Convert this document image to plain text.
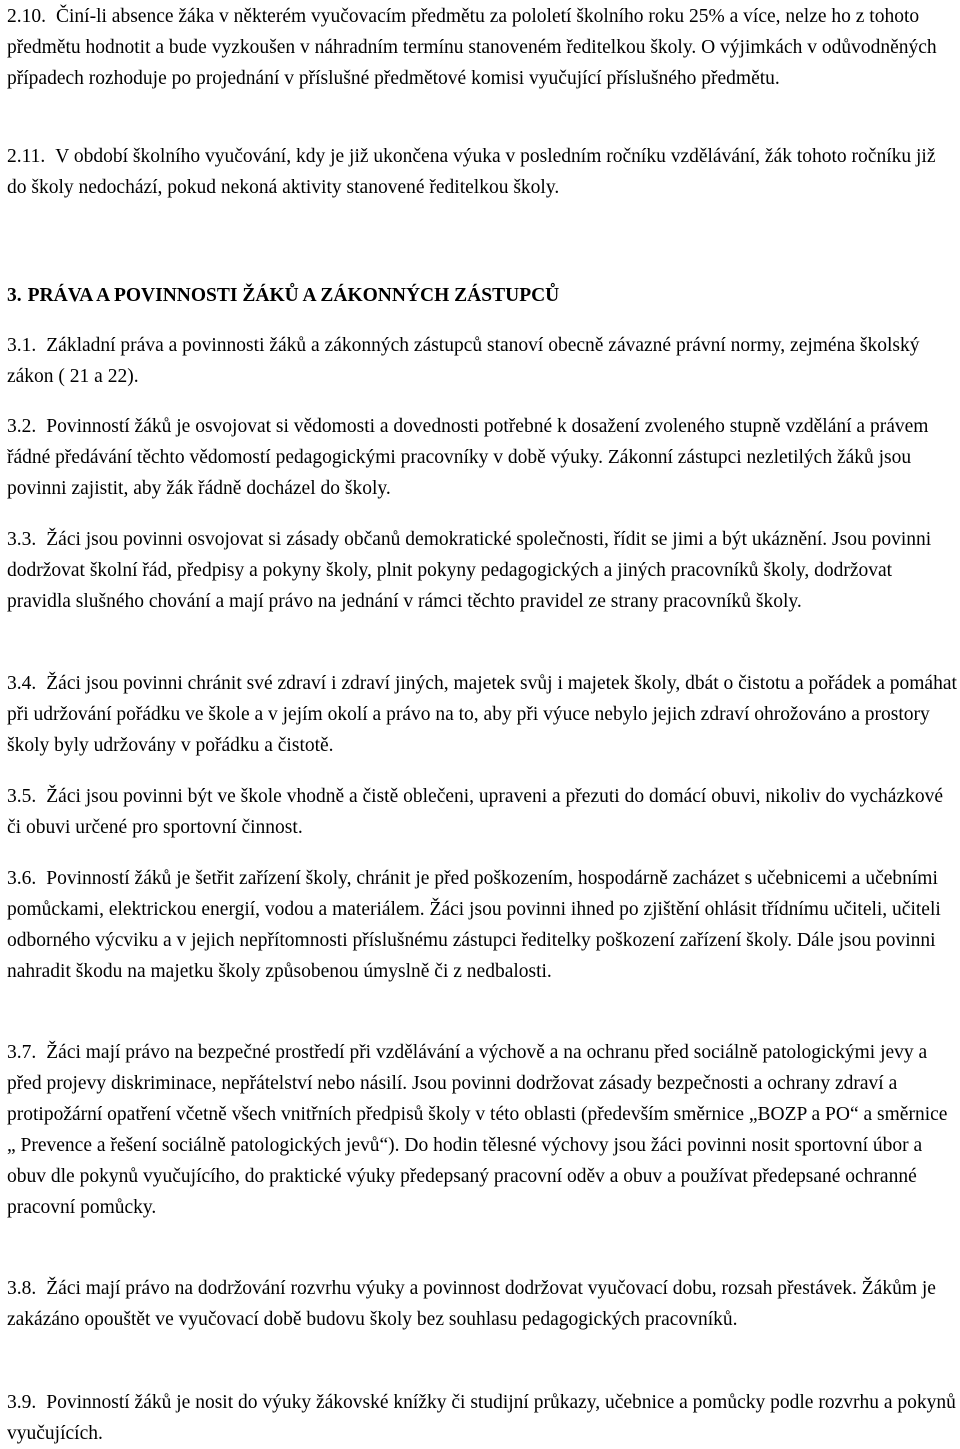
2.10. Činí-li absence žáka v některém vyučovacím předmětu za pololetí školního roku 25% a více, nelze ho z tohoto předmětu hodnotit a bude vyzkoušen v náhradním termínu stanoveném ředitelkou školy. O výjimkách v odůvodněných případech rozhoduje po projednání v příslušné předmětové komisi vyučující příslušného předmětu.

2.11. V období školního vyučování, kdy je již ukončena výuka v posledním ročníku vzdělávání, žák tohoto ročníku již do školy nedochází, pokud nekoná aktivity stanovené ředitelkou školy.

3. PRÁVA A POVINNOSTI ŽÁKŮ A ZÁKONNÝCH ZÁSTUPCŮ

3.1. Základní práva a povinnosti žáků a zákonných zástupců stanoví obecně závazné právní normy, zejména školský zákon ( 21 a 22).

3.2. Povinností žáků je osvojovat si vědomosti a dovednosti potřebné k dosažení zvoleného stupně vzdělání a právem řádné předávání těchto vědomostí pedagogickými pracovníky v době výuky. Zákonní zástupci nezletilých žáků jsou povinni zajistit, aby žák řádně docházel do školy.

3.3. Žáci jsou povinni osvojovat si zásady občanů demokratické společnosti, řídit se jimi a být ukáznění. Jsou povinni dodržovat školní řád, předpisy a pokyny školy, plnit pokyny pedagogických a jiných pracovníků školy, dodržovat pravidla slušného chování a mají právo na jednání v rámci těchto pravidel ze strany pracovníků školy.

3.4. Žáci jsou povinni chránit své zdraví i zdraví jiných, majetek svůj i majetek školy, dbát o čistotu a pořádek a pomáhat při udržování pořádku ve škole a v jejím okolí a právo na to, aby při výuce nebylo jejich zdraví ohrožováno a prostory školy byly udržovány v pořádku a čistotě.

3.5. Žáci jsou povinni být ve škole vhodně a čistě oblečeni, upraveni a přezuti do domácí obuvi, nikoliv do vycházkové či obuvi určené pro sportovní činnost.

3.6. Povinností žáků je šetřit zařízení školy, chránit je před poškozením, hospodárně zacházet s učebnicemi a učebními pomůckami, elektrickou energií, vodou a materiálem. Žáci jsou povinni ihned po zjištění ohlásit třídnímu učiteli, učiteli odborného výcviku a v jejich nepřítomnosti příslušnému zástupci ředitelky poškození zařízení školy. Dále jsou povinni nahradit škodu na majetku školy způsobenou úmyslně či z nedbalosti.

3.7. Žáci mají právo na bezpečné prostředí při vzdělávání a výchově a na ochranu před sociálně patologickými jevy a před projevy diskriminace, nepřátelství nebo násilí. Jsou povinni dodržovat zásady bezpečnosti a ochrany zdraví a protipožární opatření včetně všech vnitřních předpisů školy v této oblasti (především směrnice „BOZP a PO“ a směrnice „ Prevence a řešení sociálně patologických jevů“). Do hodin tělesné výchovy jsou žáci povinni nosit sportovní úbor a obuv dle pokynů vyučujícího, do praktické výuky předepsaný pracovní oděv a obuv a používat předepsané ochranné pracovní pomůcky.

3.8. Žáci mají právo na dodržování rozvrhu výuky a povinnost dodržovat vyučovací dobu, rozsah přestávek. Žákům je zakázáno opouštět ve vyučovací době budovu školy bez souhlasu pedagogických pracovníků.

3.9. Povinností žáků je nosit do výuky žákovské knížky či studijní průkazy, učebnice a pomůcky podle rozvrhu a pokynů vyučujících.
